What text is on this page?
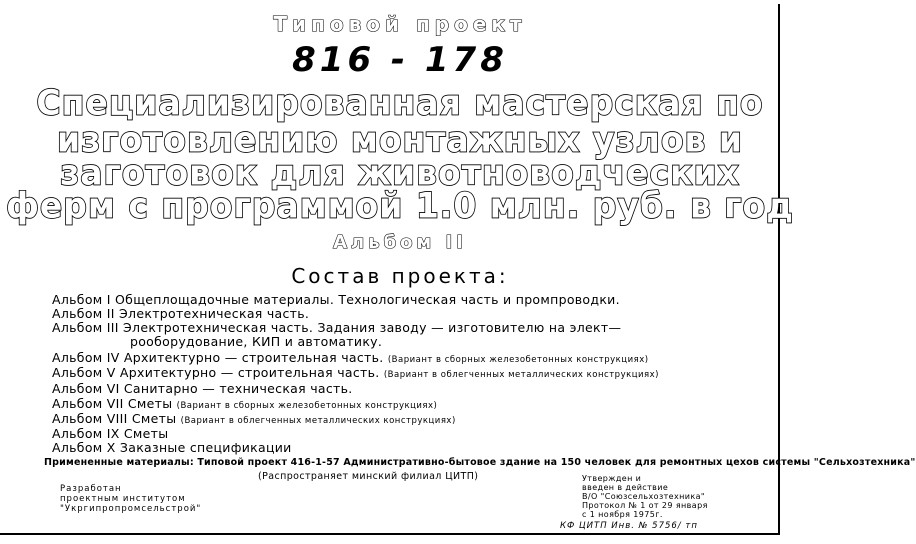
Типовой проект
816 - 178
Специализированная мастерская по
изготовлению монтажных узлов и
заготовок для животноводческих
ферм с программой 1.0 млн. руб. в год
Альбом II
Состав проекта:
Альбом I Общеплощадочные материалы. Технологическая часть и промпроводки.
Альбом II Электротехническая часть.
Альбом III Электротехническая часть. Задания заводу — изготовителю на элект—
рооборудование, КИП и автоматику.
Альбом IV Архитектурно — строительная часть. (Вариант в сборных железобетонных конструкциях)
Альбом V Архитектурно — строительная часть. (Вариант в облегченных металлических конструкциях)
Альбом VI Санитарно — техническая часть.
Альбом VII Сметы (Вариант в сборных железобетонных конструкциях)
Альбом VIII Сметы (Вариант в облегченных металлических конструкциях)
Альбом IX Сметы
Альбом X Заказные спецификации
Примененные материалы: Типовой проект 416-1-57 Административно-бытовое здание на 150 человек для ремонтных цехов системы "Сельхозтехника"
(Распространяет минский филиал ЦИТП)
Разработан
проектным институтом
"Укргипропромсельстрой"
Утвержден и
введен в действие
В/О "Союзсельхозтехника"
Протокол № 1 от 29 января
с 1 ноября 1975г.
КФ ЦИТП Инв. № 5756/ тп
